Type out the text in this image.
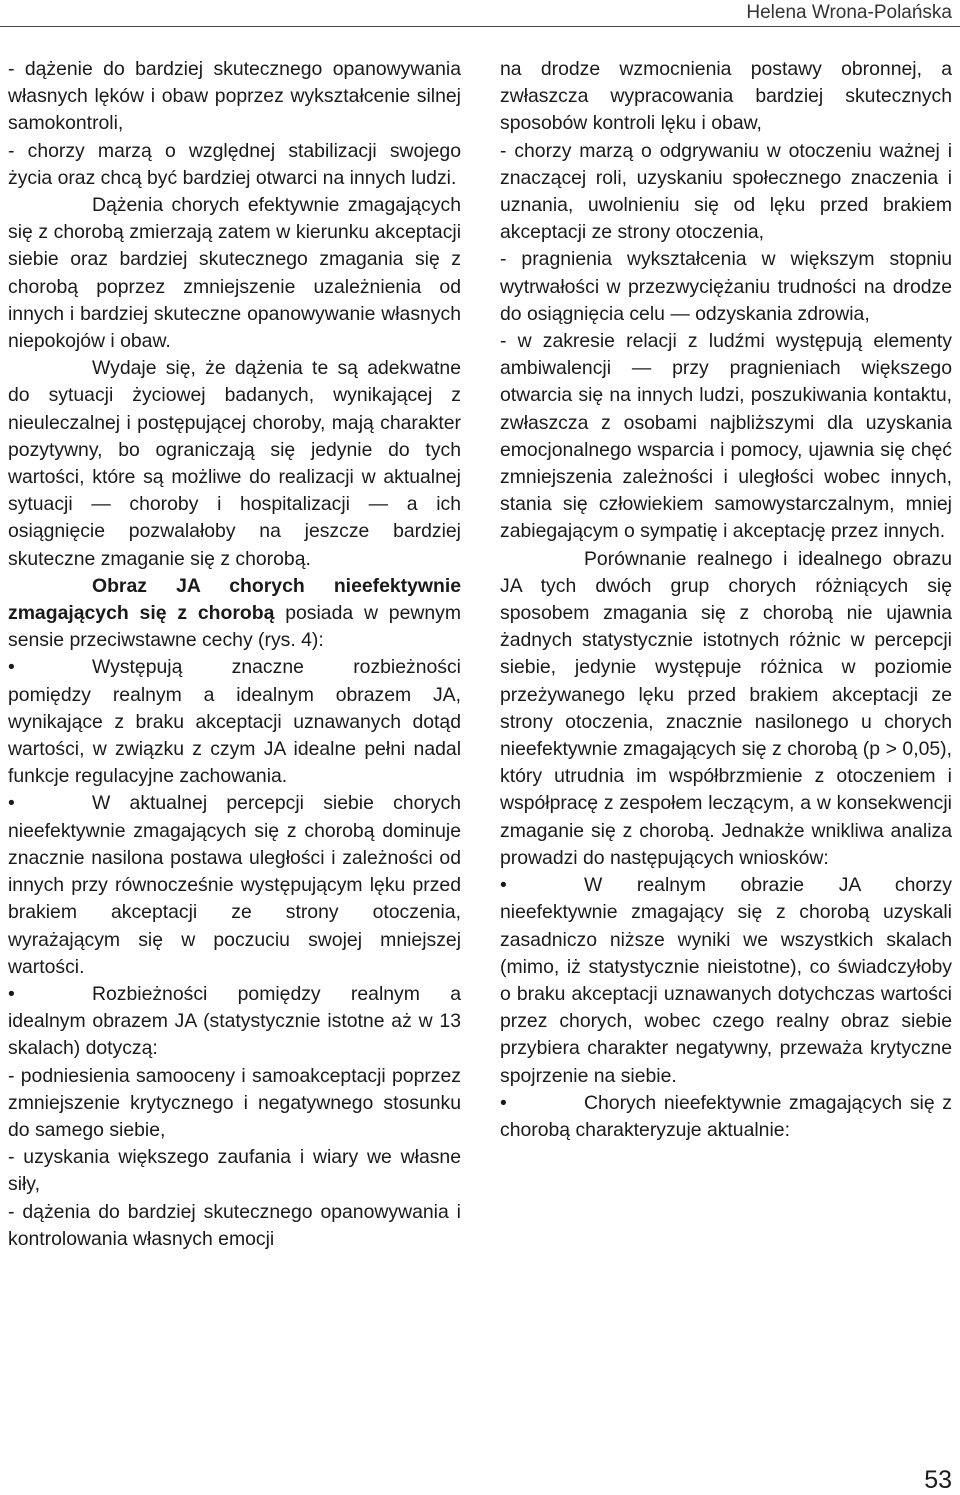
Helena Wrona-Polańska

- dążenie do bardziej skutecznego opanowywania własnych lęków i obaw poprzez wykształcenie silnej samokontroli,

- chorzy marzą o względnej stabilizacji swojego życia oraz chcą być bardziej otwarci na innych ludzi.

Dążenia chorych efektywnie zmagających się z chorobą zmierzają zatem w kierunku akceptacji siebie oraz bardziej skutecznego zmagania się z chorobą poprzez zmniejszenie uzależnienia od innych i bardziej skuteczne opanowywanie własnych niepokojów i obaw.

Wydaje się, że dążenia te są adekwatne do sytuacji życiowej badanych, wynikającej z nieuleczalnej i postępującej choroby, mają charakter pozytywny, bo ograniczają się jedynie do tych wartości, które są możliwe do realizacji w aktualnej sytuacji — choroby i hospitalizacji — a ich osiągnięcie pozwalałoby na jeszcze bardziej skuteczne zmaganie się z chorobą.

Obraz JA chorych nieefektywnie zmagających się z chorobą posiada w pewnym sensie przeciwstawne cechy (rys. 4):

•	Występują znaczne rozbieżności pomiędzy realnym a idealnym obrazem JA, wynikające z braku akceptacji uznawanych dotąd wartości, w związku z czym JA idealne pełni nadal funkcje regulacyjne zachowania.

•	W aktualnej percepcji siebie chorych nieefektywnie zmagających się z chorobą dominuje znacznie nasilona postawa uległości i zależności od innych przy równocześnie występującym lęku przed brakiem akceptacji ze strony otoczenia, wyrażającym się w poczuciu swojej mniejszej wartości.

•	Rozbieżności pomiędzy realnym a idealnym obrazem JA (statystycznie istotne aż w 13 skalach) dotyczą:

- podniesienia samooceny i samoakceptacji poprzez zmniejszenie krytycznego i negatywnego stosunku do samego siebie,

- uzyskania większego zaufania i wiary we własne siły,

- dążenia do bardziej skutecznego opanowywania i kontrolowania własnych emocji

na drodze wzmocnienia postawy obronnej, a zwłaszcza wypracowania bardziej skutecznych sposobów kontroli lęku i obaw,

- chorzy marzą o odgrywaniu w otoczeniu ważnej i znaczącej roli, uzyskaniu społecznego znaczenia i uznania, uwolnieniu się od lęku przed brakiem akceptacji ze strony otoczenia,

- pragnienia wykształcenia w większym stopniu wytrwałości w przezwyciężaniu trudności na drodze do osiągnięcia celu — odzyskania zdrowia,

- w zakresie relacji z ludźmi występują elementy ambiwalencji — przy pragnieniach większego otwarcia się na innych ludzi, poszukiwania kontaktu, zwłaszcza z osobami najbliższymi dla uzyskania emocjonalnego wsparcia i pomocy, ujawnia się chęć zmniejszenia zależności i uległości wobec innych, stania się człowiekiem samowystarczalnym, mniej zabiegającym o sympatię i akceptację przez innych.

Porównanie realnego i idealnego obrazu JA tych dwóch grup chorych różniących się sposobem zmagania się z chorobą nie ujawnia żadnych statystycznie istotnych różnic w percepcji siebie, jedynie występuje różnica w poziomie przeżywanego lęku przed brakiem akceptacji ze strony otoczenia, znacznie nasilonego u chorych nieefektywnie zmagających się z chorobą (p > 0,05), który utrudnia im współbrzmienie z otoczeniem i współpracę z zespołem leczącym, a w konsekwencji zmaganie się z chorobą. Jednakże wnikliwa analiza prowadzi do następujących wniosków:

•	W realnym obrazie JA chorzy nieefektywnie zmagający się z chorobą uzyskali zasadniczo niższe wyniki we wszystkich skalach (mimo, iż statystycznie nieistotne), co świadczyłoby o braku akceptacji uznawanych dotychczas wartości przez chorych, wobec czego realny obraz siebie przybiera charakter negatywny, przeważa krytyczne spojrzenie na siebie.

•	Chorych nieefektywnie zmagających się z chorobą charakteryzuje aktualnie:

53
